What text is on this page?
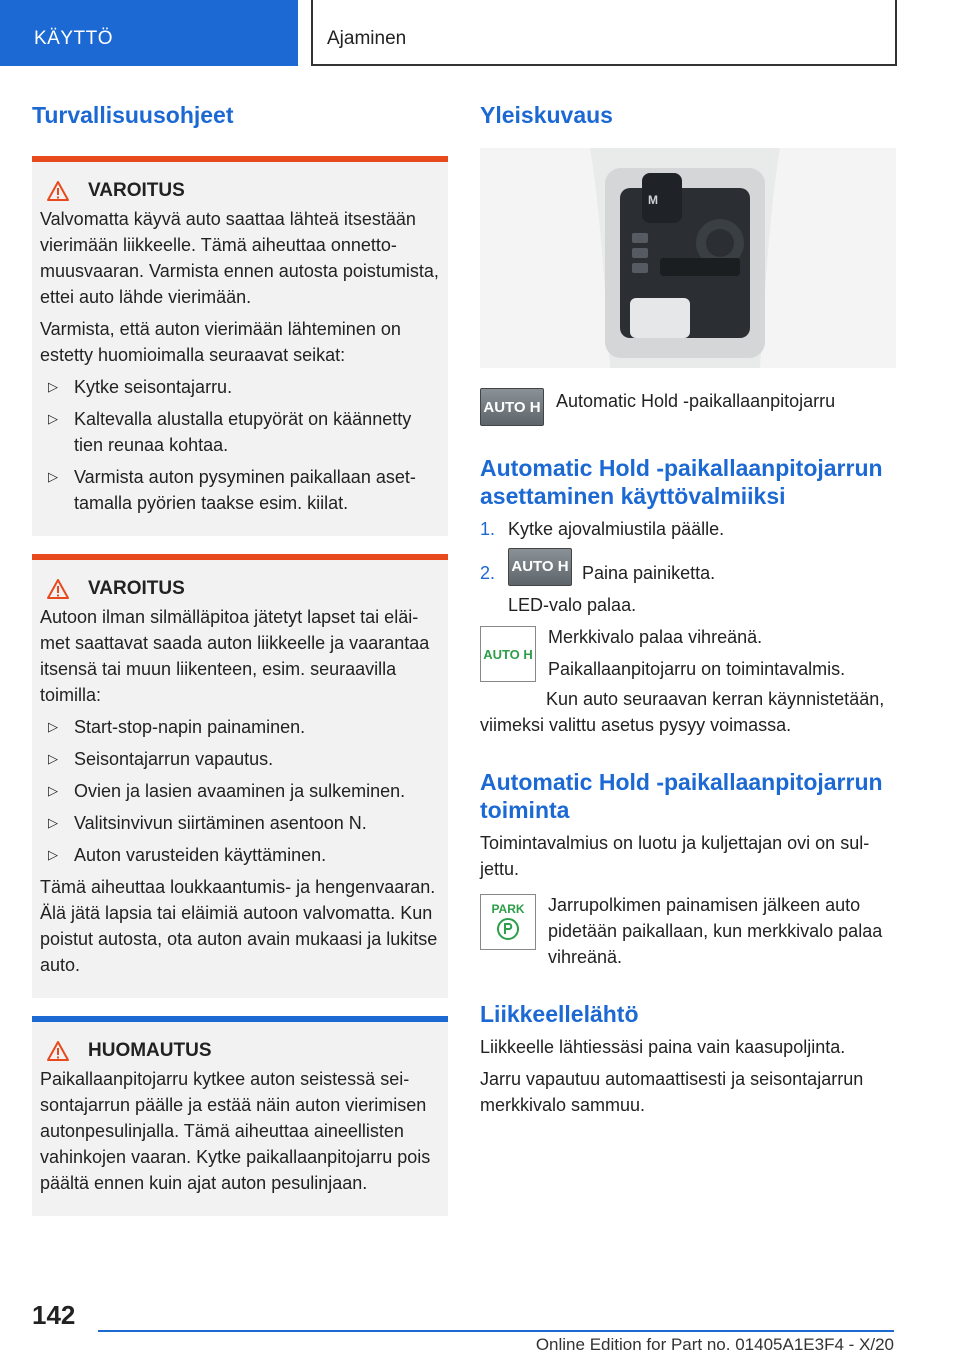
KÄYTTÖ	Ajaminen
Turvallisuusohjeet
VAROITUS

Valvomatta käyvä auto saattaa lähteä itsestään vierimään liikkeelle. Tämä aiheuttaa onnettomuusvaaran. Varmista ennen autosta poistumista, ettei auto lähde vierimään.

Varmista, että auton vierimään lähteminen on estetty huomioimalla seuraavat seikat:

▷ Kytke seisontajarru.
▷ Kaltevalla alustalla etupyörät on käännetty tien reunaa kohtaa.
▷ Varmista auton pysyminen paikallaan asettamalla pyörien taakse esim. kiilat.
VAROITUS

Autoon ilman silmälläpitoa jätetyt lapset tai eläimet saattavat saada auton liikkeelle ja vaarantaa itsensä tai muun liikenteen, esim. seuraavilla toimilla:

▷ Start-stop-napin painaminen.
▷ Seisontajarrun vapautus.
▷ Ovien ja lasien avaaminen ja sulkeminen.
▷ Valitsinvivun siirtäminen asentoon N.
▷ Auton varusteiden käyttäminen.

Tämä aiheuttaa loukkaantumis- ja hengenvaaran. Älä jätä lapsia tai eläimiä autoon valvomatta. Kun poistut autosta, ota auton avain mukaasi ja lukitse auto.

HUOMAUTUS

Paikallaanpitojarru kytkee auton seistessä seisontajarrun päälle ja estää näin auton vierimisen autonpesulinjalla. Tämä aiheuttaa aineellisten vahinkojen vaaran. Kytke paikallaanpitojarru pois päältä ennen kuin ajat auton pesulinjaan.

Yleiskuvaus
M
AUTO H Automatic Hold -paikallaanpitojarru
Automatic Hold -paikallaanpitojarrun asettaminen käyttövalmiiksi

1. Kytke ajovalmiustila päälle.

2.	AUTO H Paina painiketta.

LED-valo palaa.

AUTO H

Merkkivalo palaa vihreänä.

Paikallaanpitojarru on toimintavalmis.

Kun auto seuraavan kerran käynnistetään, viimeksi valittu asetus pysyy voimassa.

Automatic Hold -paikallaanpitojarrun toiminta

Toimintavalmius on luotu ja kuljettajan ovi on suljettu.

PARK Jarrupolkimen painamisen jälkeen auto pidetään paikallaan, kun merkkivalo palaa vihreänä.

Liikkeellelähtö

Liikkeelle lähtiessäsi paina vain kaasupoljinta.

Jarru vapautuu automaattisesti ja seisontajarrun merkkivalo sammuu.

142
Online Edition for Part no. 01405A1E3F4 - X/20
